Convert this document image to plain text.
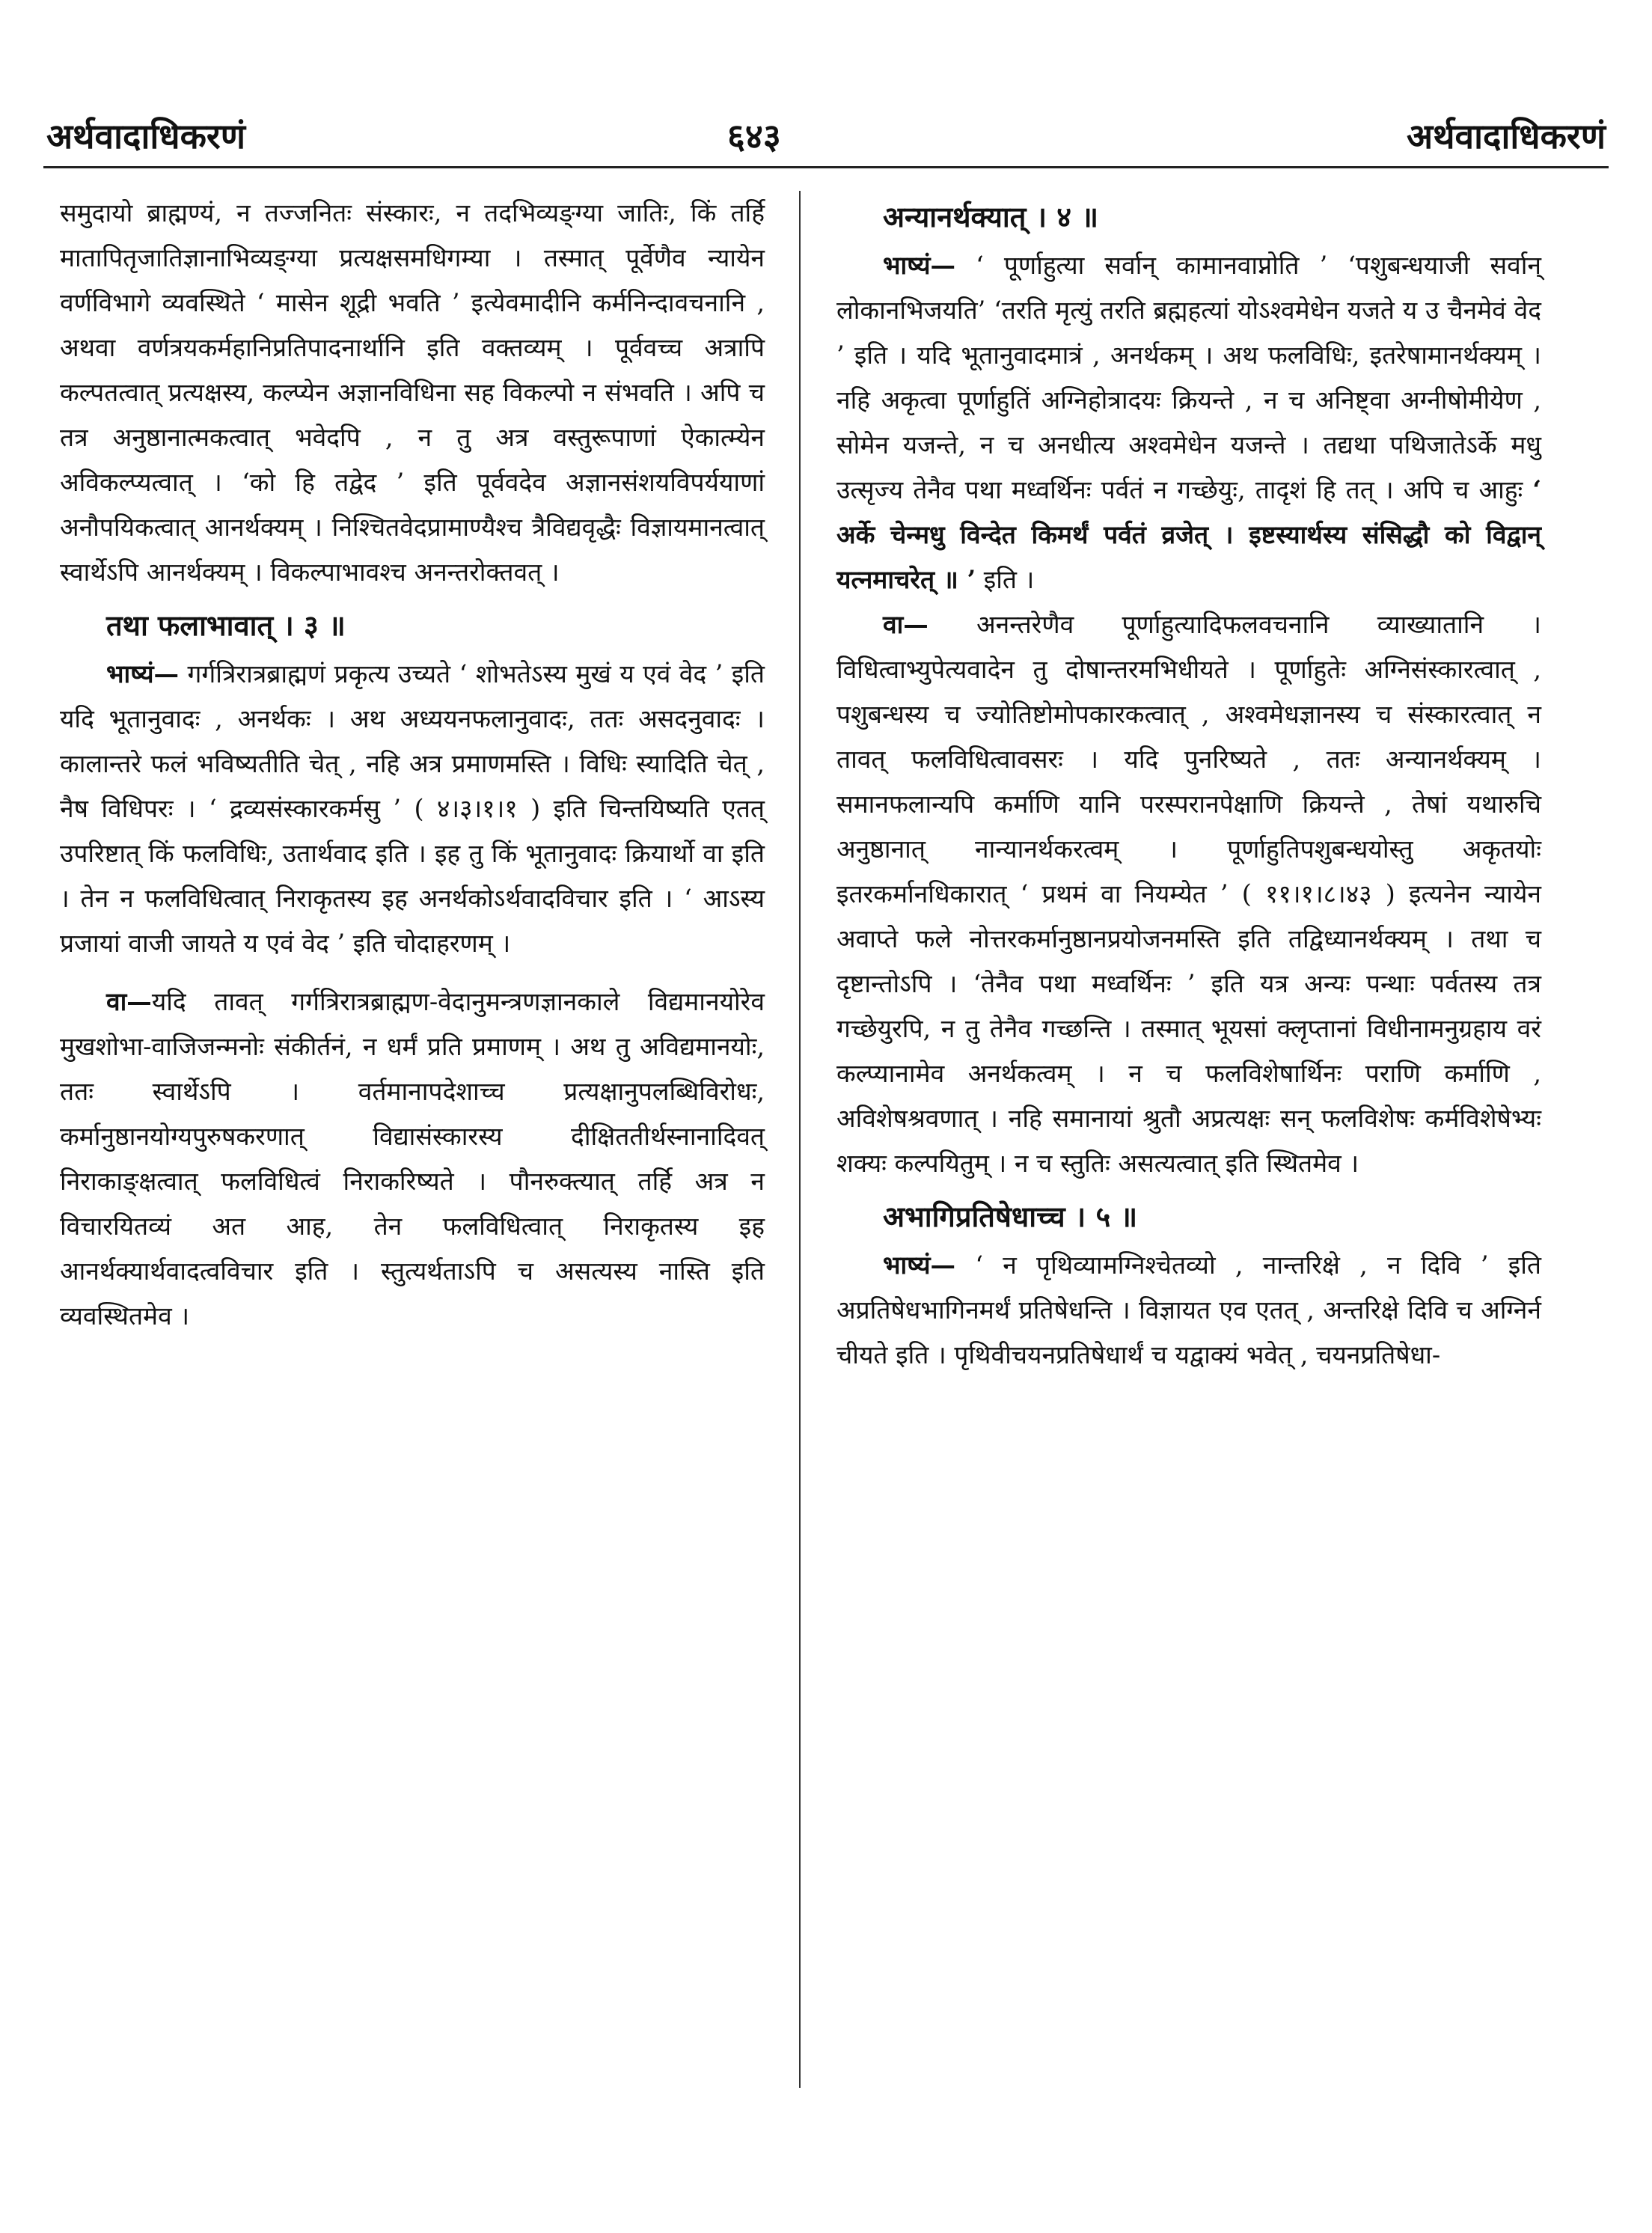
अर्थवादाधिकरणं	६४३	अर्थवादाधिकरणं

समुदायो ब्राह्मण्यं, न तज्जनितः संस्कारः, न तदभिव्यङ्ग्या जातिः, किं तर्हि मातापितृजातिज्ञानाभिव्यङ्ग्या प्रत्यक्षसमधिगम्या । तस्मात् पूर्वेणैव न्यायेन वर्णविभागे व्यवस्थिते ‘ मासेन शूद्री भवति ’ इत्येवमादीनि कर्मनिन्दावचनानि , अथवा वर्णत्रयकर्महानिप्रतिपादनार्थानि इति वक्तव्यम् । पूर्ववच्च अत्रापि कल्पतत्वात् प्रत्यक्षस्य, कल्प्येन अज्ञानविधिना सह विकल्पो न संभवति । अपि च तत्र अनुष्ठानात्मकत्वात् भवेदपि , न तु अत्र वस्तुरूपाणां ऐकात्म्येन अविकल्प्यत्वात् । ‘को हि तद्वेद ’ इति पूर्ववदेव अज्ञानसंशयविपर्ययाणां अनौपयिकत्वात् आनर्थक्यम् । निश्चितवेदप्रामाण्यैश्च त्रैविद्यवृद्धैः विज्ञायमानत्वात् स्वार्थेऽपि आनर्थक्यम् । विकल्पाभावश्च अनन्तरोक्तवत् ।

तथा फलाभावात् । ३ ॥

भाष्यं— गर्गत्रिरात्रब्राह्मणं प्रकृत्य उच्यते ‘ शोभतेऽस्य मुखं य एवं वेद ’ इति यदि भूतानुवादः , अनर्थकः । अथ अध्ययनफलानुवादः, ततः असदनुवादः । कालान्तरे फलं भविष्यतीति चेत् , नहि अत्र प्रमाणमस्ति । विधिः स्यादिति चेत् , नैष विधिपरः । ‘ द्रव्यसंस्कारकर्मसु ’ ( ४।३।१।१ ) इति चिन्तयिष्यति एतत् उपरिष्टात् किं फलविधिः, उतार्थवाद इति । इह तु किं भूतानुवादः क्रियार्थो वा इति । तेन न फलविधित्वात् निराकृतस्य इह अनर्थकोऽर्थवादविचार इति । ‘ आऽस्य प्रजायां वाजी जायते य एवं वेद ’ इति चोदाहरणम् ।

वा—यदि तावत् गर्गत्रिरात्रब्राह्मण-वेदानुमन्त्रणज्ञानकाले विद्यमानयोरेव मुखशोभा-वाजिजन्मनोः संकीर्तनं, न धर्मं प्रति प्रमाणम् । अथ तु अविद्यमानयोः, ततः स्वार्थेऽपि । वर्तमानापदेशाच्च प्रत्यक्षानुपलब्धिविरोधः, कर्मानुष्ठानयोग्यपुरुषकरणात् विद्यासंस्कारस्य दीक्षिततीर्थस्नानादिवत् निराकाङ्क्षत्वात् फलविधित्वं निराकरिष्यते । पौनरुक्त्यात् तर्हि अत्र न विचारयितव्यं अत आह, तेन फलविधित्वात् निराकृतस्य इह आनर्थक्यार्थवादत्वविचार इति । स्तुत्यर्थताऽपि च असत्यस्य नास्ति इति व्यवस्थितमेव ।

अन्यानर्थक्यात् । ४ ॥

भाष्यं— ‘ पूर्णाहुत्या सर्वान् कामानवाप्नोति ’ ‘पशुबन्धयाजी सर्वान् लोकानभिजयति’ ‘तरति मृत्युं तरति ब्रह्महत्यां योऽश्वमेधेन यजते य उ चैनमेवं वेद ’ इति । यदि भूतानुवादमात्रं , अनर्थकम् । अथ फलविधिः, इतरेषामानर्थक्यम् । नहि अकृत्वा पूर्णाहुतिं अग्निहोत्रादयः क्रियन्ते , न च अनिष्ट्वा अग्नीषोमीयेण , सोमेन यजन्ते, न च अनधीत्य अश्वमेधेन यजन्ते । तद्यथा पथिजातेऽर्के मधु उत्सृज्य तेनैव पथा मध्वर्थिनः पर्वतं न गच्छेयुः, तादृशं हि तत् । अपि च आहुः ‘ अर्के चेन्मधु विन्देत किमर्थं पर्वतं व्रजेत् । इष्टस्यार्थस्य संसिद्धौ को विद्वान् यत्नमाचरेत् ॥ ’ इति ।

वा— अनन्तरेणैव पूर्णाहुत्यादिफलवचनानि व्याख्यातानि । विधित्वाभ्युपेत्यवादेन तु दोषान्तरमभिधीयते । पूर्णाहुतेः अग्निसंस्कारत्वात् , पशुबन्धस्य च ज्योतिष्टोमोपकारकत्वात् , अश्वमेधज्ञानस्य च संस्कारत्वात् न तावत् फलविधित्वावसरः । यदि पुनरिष्यते , ततः अन्यानर्थक्यम् । समानफलान्यपि कर्माणि यानि परस्परानपेक्षाणि क्रियन्ते , तेषां यथारुचि अनुष्ठानात् नान्यानर्थकरत्वम् । पूर्णाहुतिपशुबन्धयोस्तु अकृतयोः इतरकर्मानधिकारात् ‘ प्रथमं वा नियम्येत ’ ( ११।१।८।४३ ) इत्यनेन न्यायेन अवाप्ते फले नोत्तरकर्मानुष्ठानप्रयोजनमस्ति इति तद्विध्यानर्थक्यम् । तथा च दृष्टान्तोऽपि । ‘तेनैव पथा मध्वर्थिनः ’ इति यत्र अन्यः पन्थाः पर्वतस्य तत्र गच्छेयुरपि, न तु तेनैव गच्छन्ति । तस्मात् भूयसां क्लृप्तानां विधीनामनुग्रहाय वरं कल्प्यानामेव अनर्थकत्वम् । न च फलविशेषार्थिनः पराणि कर्माणि , अविशेषश्रवणात् । नहि समानायां श्रुतौ अप्रत्यक्षः सन् फलविशेषः कर्मविशेषेभ्यः शक्यः कल्पयितुम् । न च स्तुतिः असत्यत्वात् इति स्थितमेव ।

अभागिप्रतिषेधाच्च । ५ ॥

भाष्यं— ‘ न पृथिव्यामग्निश्चेतव्यो , नान्तरिक्षे , न दिवि ’ इति अप्रतिषेधभागिनमर्थं प्रतिषेधन्ति । विज्ञायत एव एतत् , अन्तरिक्षे दिवि च अग्निर्न चीयते इति । पृथिवीचयनप्रतिषेधार्थं च यद्वाक्यं भवेत् , चयनप्रतिषेधा-
